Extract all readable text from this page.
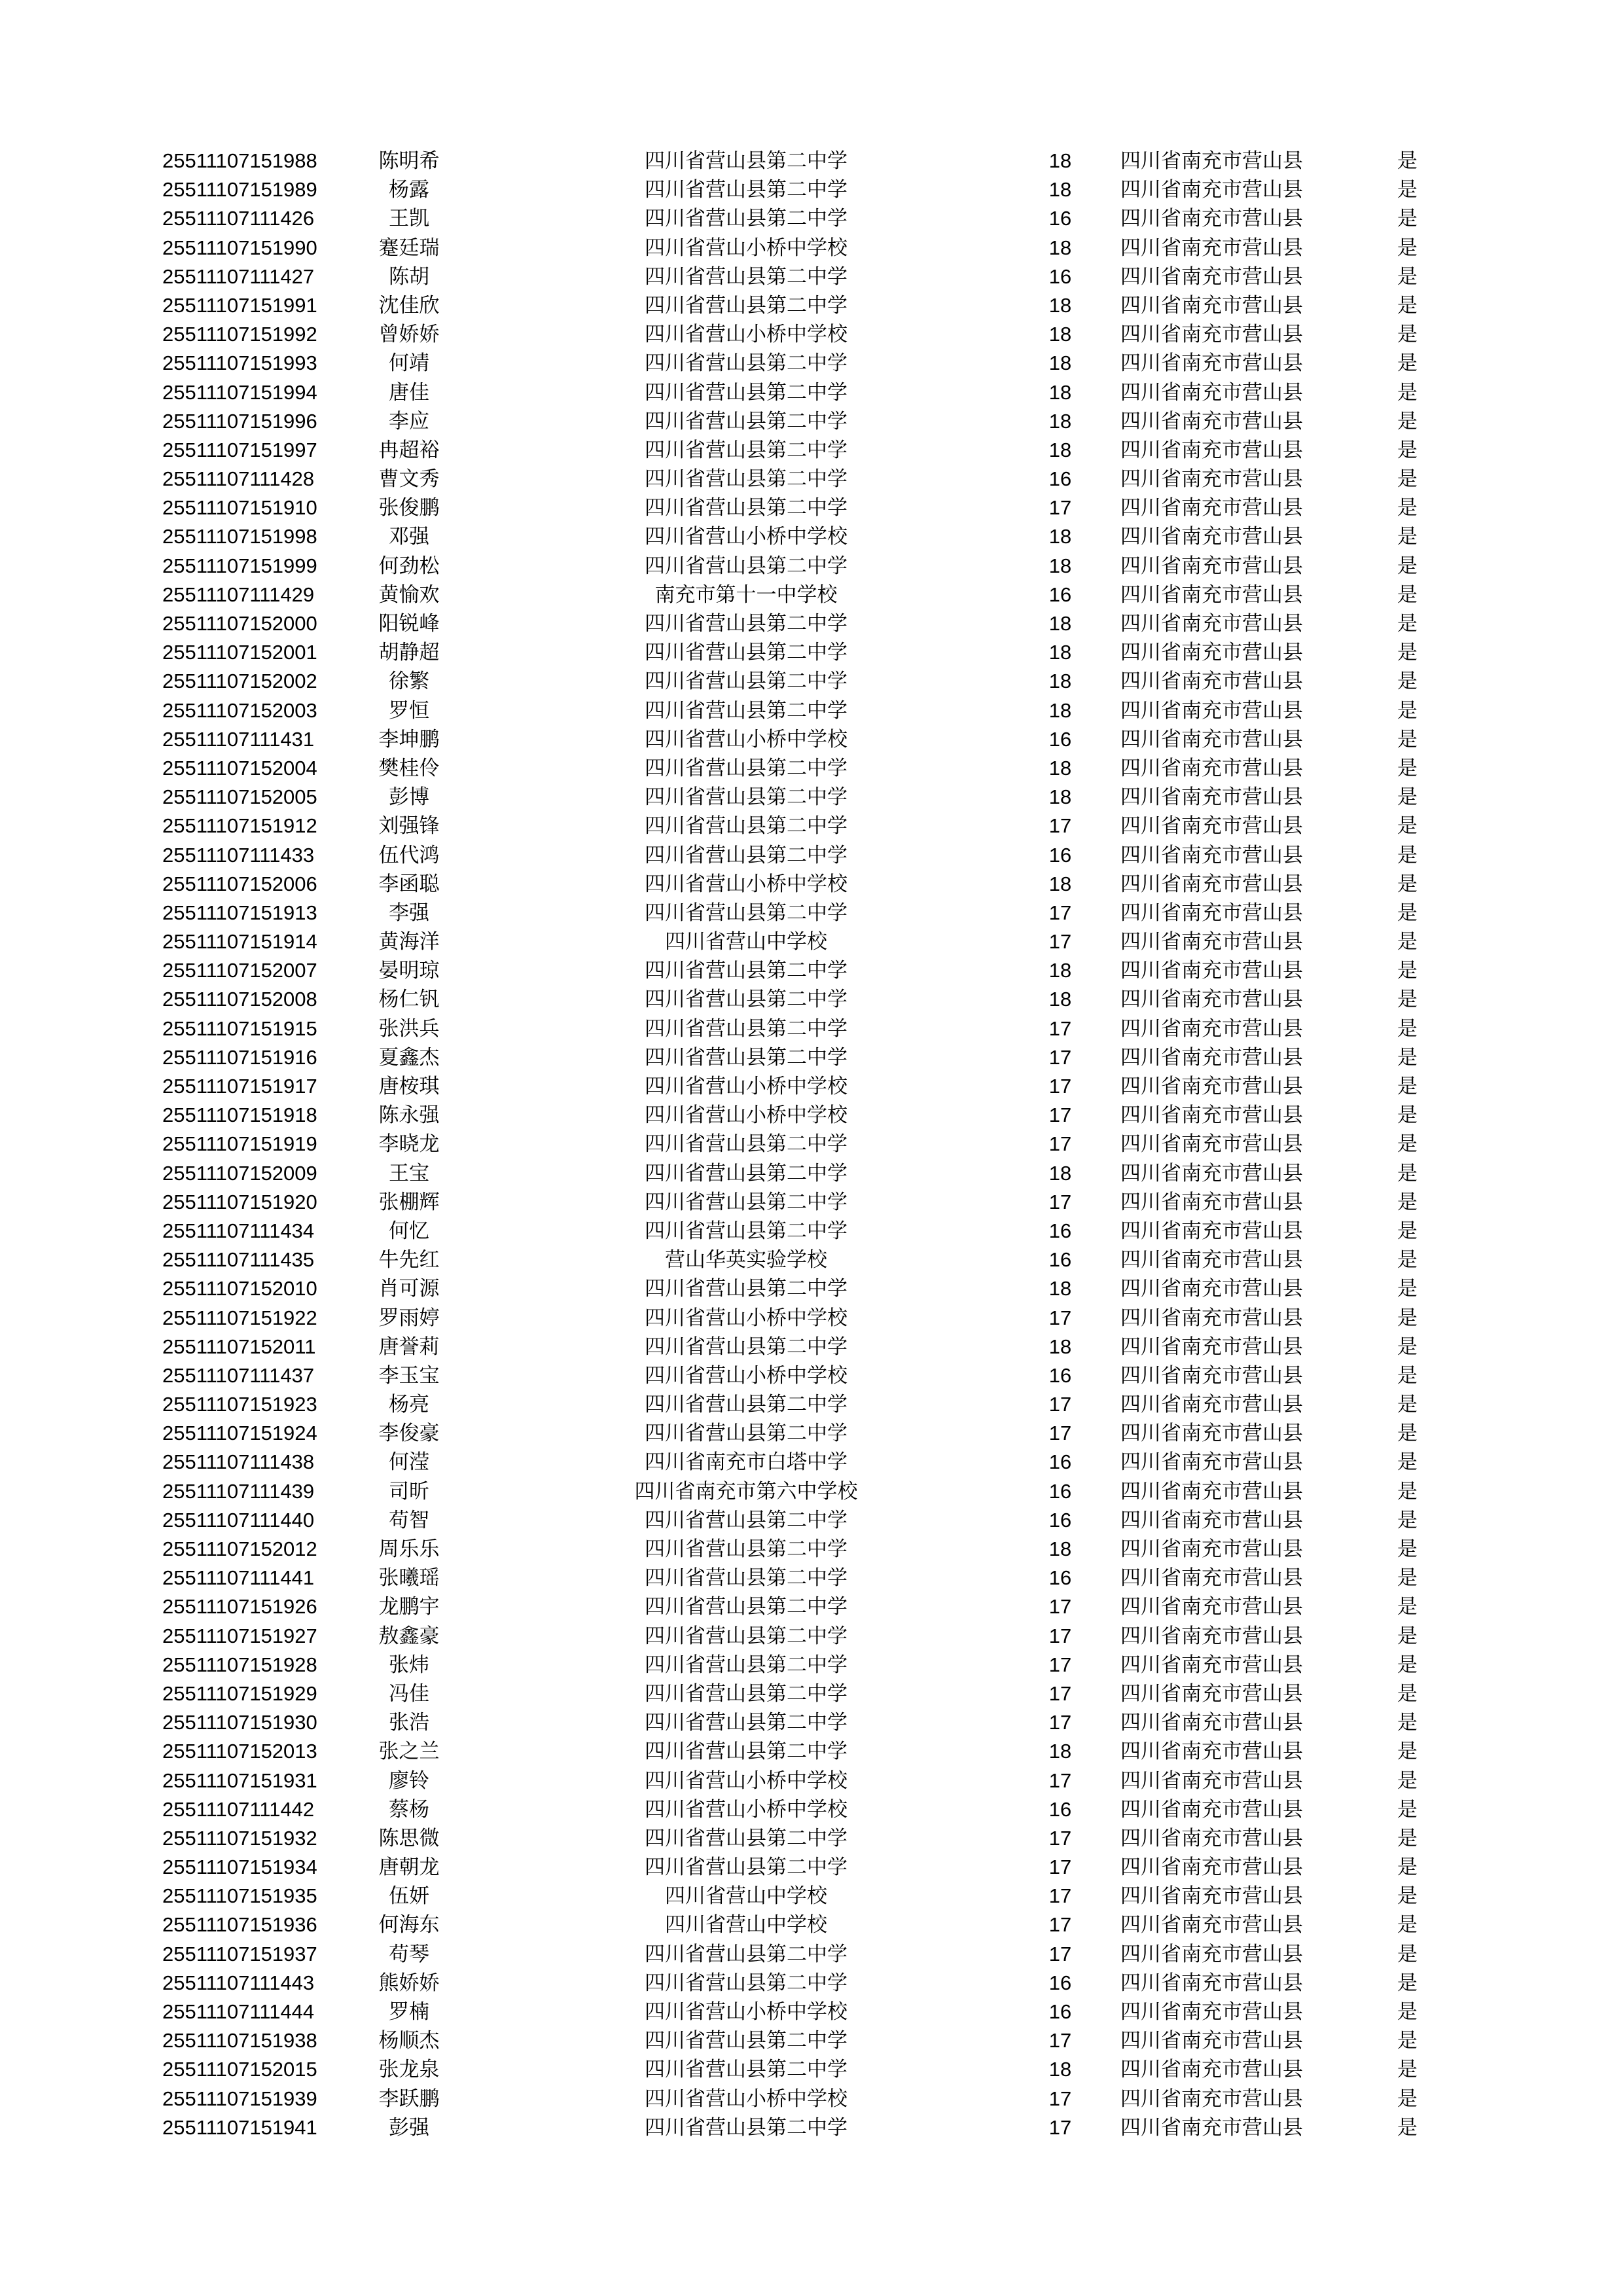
25511107151988	陈明希	四川省营山县第二中学	18	四川省南充市营山县	是
25511107151989	杨露	四川省营山县第二中学	18	四川省南充市营山县	是
25511107111426	王凯	四川省营山县第二中学	16	四川省南充市营山县	是
25511107151990	蹇廷瑞	四川省营山小桥中学校	18	四川省南充市营山县	是
25511107111427	陈胡	四川省营山县第二中学	16	四川省南充市营山县	是
25511107151991	沈佳欣	四川省营山县第二中学	18	四川省南充市营山县	是
25511107151992	曾娇娇	四川省营山小桥中学校	18	四川省南充市营山县	是
25511107151993	何靖	四川省营山县第二中学	18	四川省南充市营山县	是
25511107151994	唐佳	四川省营山县第二中学	18	四川省南充市营山县	是
25511107151996	李应	四川省营山县第二中学	18	四川省南充市营山县	是
25511107151997	冉超裕	四川省营山县第二中学	18	四川省南充市营山县	是
25511107111428	曹文秀	四川省营山县第二中学	16	四川省南充市营山县	是
25511107151910	张俊鹏	四川省营山县第二中学	17	四川省南充市营山县	是
25511107151998	邓强	四川省营山小桥中学校	18	四川省南充市营山县	是
25511107151999	何劲松	四川省营山县第二中学	18	四川省南充市营山县	是
25511107111429	黄愉欢	南充市第十一中学校	16	四川省南充市营山县	是
25511107152000	阳锐峰	四川省营山县第二中学	18	四川省南充市营山县	是
25511107152001	胡静超	四川省营山县第二中学	18	四川省南充市营山县	是
25511107152002	徐繁	四川省营山县第二中学	18	四川省南充市营山县	是
25511107152003	罗恒	四川省营山县第二中学	18	四川省南充市营山县	是
25511107111431	李坤鹏	四川省营山小桥中学校	16	四川省南充市营山县	是
25511107152004	樊桂伶	四川省营山县第二中学	18	四川省南充市营山县	是
25511107152005	彭博	四川省营山县第二中学	18	四川省南充市营山县	是
25511107151912	刘强锋	四川省营山县第二中学	17	四川省南充市营山县	是
25511107111433	伍代鸿	四川省营山县第二中学	16	四川省南充市营山县	是
25511107152006	李函聪	四川省营山小桥中学校	18	四川省南充市营山县	是
25511107151913	李强	四川省营山县第二中学	17	四川省南充市营山县	是
25511107151914	黄海洋	四川省营山中学校	17	四川省南充市营山县	是
25511107152007	晏明琼	四川省营山县第二中学	18	四川省南充市营山县	是
25511107152008	杨仁钒	四川省营山县第二中学	18	四川省南充市营山县	是
25511107151915	张洪兵	四川省营山县第二中学	17	四川省南充市营山县	是
25511107151916	夏鑫杰	四川省营山县第二中学	17	四川省南充市营山县	是
25511107151917	唐桉琪	四川省营山小桥中学校	17	四川省南充市营山县	是
25511107151918	陈永强	四川省营山小桥中学校	17	四川省南充市营山县	是
25511107151919	李晓龙	四川省营山县第二中学	17	四川省南充市营山县	是
25511107152009	王宝	四川省营山县第二中学	18	四川省南充市营山县	是
25511107151920	张棚辉	四川省营山县第二中学	17	四川省南充市营山县	是
25511107111434	何忆	四川省营山县第二中学	16	四川省南充市营山县	是
25511107111435	牛先红	营山华英实验学校	16	四川省南充市营山县	是
25511107152010	肖可源	四川省营山县第二中学	18	四川省南充市营山县	是
25511107151922	罗雨婷	四川省营山小桥中学校	17	四川省南充市营山县	是
25511107152011	唐誉莉	四川省营山县第二中学	18	四川省南充市营山县	是
25511107111437	李玉宝	四川省营山小桥中学校	16	四川省南充市营山县	是
25511107151923	杨亮	四川省营山县第二中学	17	四川省南充市营山县	是
25511107151924	李俊豪	四川省营山县第二中学	17	四川省南充市营山县	是
25511107111438	何滢	四川省南充市白塔中学	16	四川省南充市营山县	是
25511107111439	司昕	四川省南充市第六中学校	16	四川省南充市营山县	是
25511107111440	苟智	四川省营山县第二中学	16	四川省南充市营山县	是
25511107152012	周乐乐	四川省营山县第二中学	18	四川省南充市营山县	是
25511107111441	张曦瑶	四川省营山县第二中学	16	四川省南充市营山县	是
25511107151926	龙鹏宇	四川省营山县第二中学	17	四川省南充市营山县	是
25511107151927	敖鑫豪	四川省营山县第二中学	17	四川省南充市营山县	是
25511107151928	张炜	四川省营山县第二中学	17	四川省南充市营山县	是
25511107151929	冯佳	四川省营山县第二中学	17	四川省南充市营山县	是
25511107151930	张浩	四川省营山县第二中学	17	四川省南充市营山县	是
25511107152013	张之兰	四川省营山县第二中学	18	四川省南充市营山县	是
25511107151931	廖铃	四川省营山小桥中学校	17	四川省南充市营山县	是
25511107111442	蔡杨	四川省营山小桥中学校	16	四川省南充市营山县	是
25511107151932	陈思微	四川省营山县第二中学	17	四川省南充市营山县	是
25511107151934	唐朝龙	四川省营山县第二中学	17	四川省南充市营山县	是
25511107151935	伍妍	四川省营山中学校	17	四川省南充市营山县	是
25511107151936	何海东	四川省营山中学校	17	四川省南充市营山县	是
25511107151937	苟琴	四川省营山县第二中学	17	四川省南充市营山县	是
25511107111443	熊娇娇	四川省营山县第二中学	16	四川省南充市营山县	是
25511107111444	罗楠	四川省营山小桥中学校	16	四川省南充市营山县	是
25511107151938	杨顺杰	四川省营山县第二中学	17	四川省南充市营山县	是
25511107152015	张龙泉	四川省营山县第二中学	18	四川省南充市营山县	是
25511107151939	李跃鹏	四川省营山小桥中学校	17	四川省南充市营山县	是
25511107151941	彭强	四川省营山县第二中学	17	四川省南充市营山县	是
